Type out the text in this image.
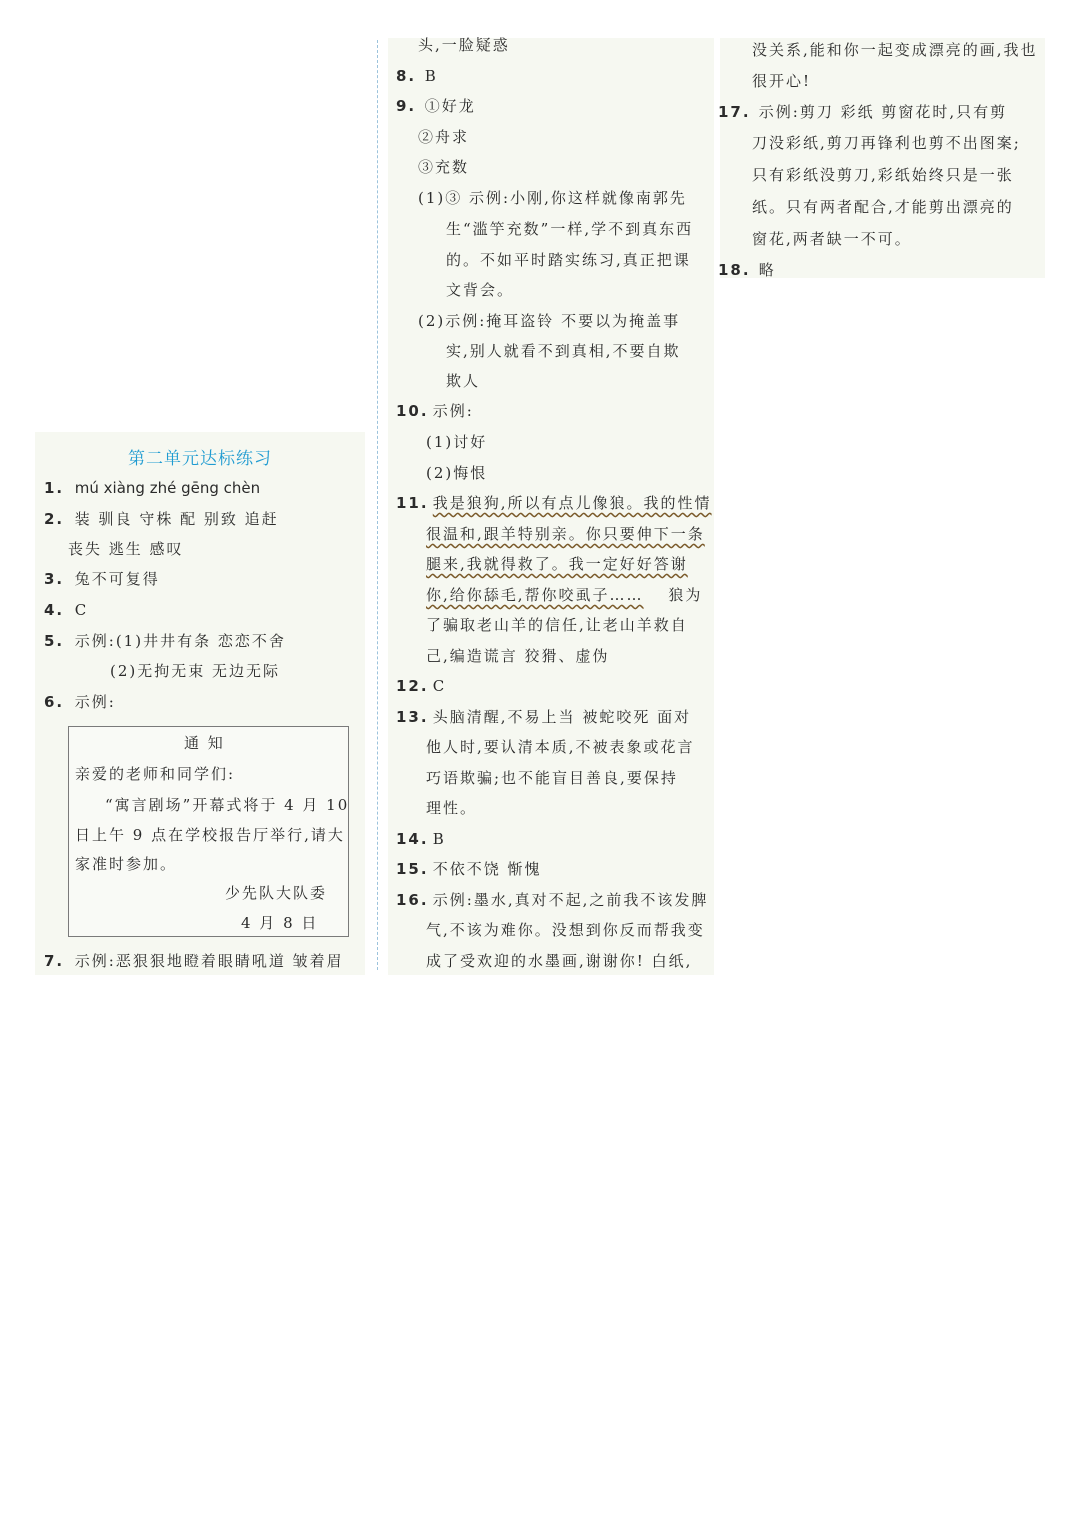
第二单元达标练习
1. mú xiàng zhé gēng chèn
2. 装 驯良 守株 配 别致 追赶
丧失 逃生 感叹
3. 兔不可复得
4. C
5. 示例:(1)井井有条 恋恋不舍
(2)无拘无束 无边无际
6. 示例:
通 知
亲爱的老师和同学们:
“寓言剧场”开幕式将于 4 月 10
日上午 9 点在学校报告厅举行,请大
家准时参加。
少先队大队委
4 月 8 日
7. 示例:恶狠狠地瞪着眼睛吼道 皱着眉
头,一脸疑惑
8. B
9. ①好龙
②舟求
③充数
(1)③ 示例:小刚,你这样就像南郭先
生“滥竽充数”一样,学不到真东西
的。不如平时踏实练习,真正把课
文背会。
(2)示例:掩耳盗铃 不要以为掩盖事
实,别人就看不到真相,不要自欺
欺人
10. 示例:
(1)讨好
(2)悔恨
11. 我是狼狗,所以有点儿像狼。我的性情
很温和,跟羊特别亲。你只要伸下一条
腿来,我就得救了。我一定好好答谢
你,给你舔毛,帮你咬虱子…… 狼为
了骗取老山羊的信任,让老山羊救自
己,编造谎言 狡猾、虚伪
12. C
13. 头脑清醒,不易上当 被蛇咬死 面对
他人时,要认清本质,不被表象或花言
巧语欺骗;也不能盲目善良,要保持
理性。
14. B
15. 不依不饶 惭愧
16. 示例:墨水,真对不起,之前我不该发脾
气,不该为难你。没想到你反而帮我变
成了受欢迎的水墨画,谢谢你! 白纸,
没关系,能和你一起变成漂亮的画,我也
很开心!
17. 示例:剪刀 彩纸 剪窗花时,只有剪
刀没彩纸,剪刀再锋利也剪不出图案;
只有彩纸没剪刀,彩纸始终只是一张
纸。只有两者配合,才能剪出漂亮的
窗花,两者缺一不可。
18. 略
